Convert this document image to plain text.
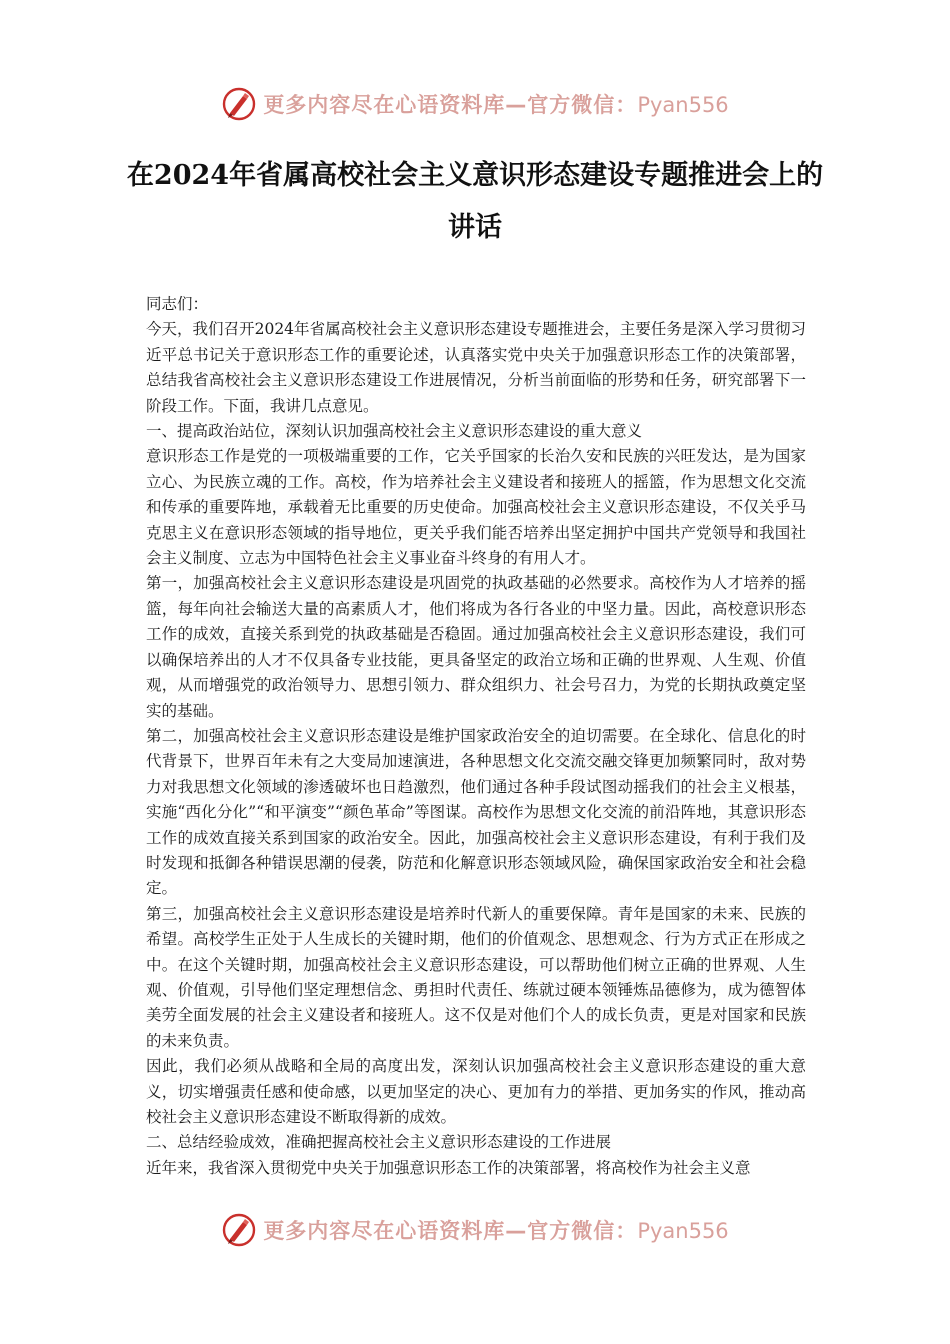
更多内容尽在心语资料库—官方微信：Pyan556
在2024年省属高校社会主义意识形态建设专题推进会上的讲话

同志们：

今天，我们召开2024年省属高校社会主义意识形态建设专题推进会，主要任务是深入学习贯彻习近平总书记关于意识形态工作的重要论述，认真落实党中央关于加强意识形态工作的决策部署，总结我省高校社会主义意识形态建设工作进展情况，分析当前面临的形势和任务，研究部署下一阶段工作。下面，我讲几点意见。

一、提高政治站位，深刻认识加强高校社会主义意识形态建设的重大意义

意识形态工作是党的一项极端重要的工作，它关乎国家的长治久安和民族的兴旺发达，是为国家立心、为民族立魂的工作。高校，作为培养社会主义建设者和接班人的摇篮，作为思想文化交流和传承的重要阵地，承载着无比重要的历史使命。加强高校社会主义意识形态建设，不仅关乎马克思主义在意识形态领域的指导地位，更关乎我们能否培养出坚定拥护中国共产党领导和我国社会主义制度、立志为中国特色社会主义事业奋斗终身的有用人才。

第一，加强高校社会主义意识形态建设是巩固党的执政基础的必然要求。高校作为人才培养的摇篮，每年向社会输送大量的高素质人才，他们将成为各行各业的中坚力量。因此，高校意识形态工作的成效，直接关系到党的执政基础是否稳固。通过加强高校社会主义意识形态建设，我们可以确保培养出的人才不仅具备专业技能，更具备坚定的政治立场和正确的世界观、人生观、价值观，从而增强党的政治领导力、思想引领力、群众组织力、社会号召力，为党的长期执政奠定坚实的基础。

第二，加强高校社会主义意识形态建设是维护国家政治安全的迫切需要。在全球化、信息化的时代背景下，世界百年未有之大变局加速演进，各种思想文化交流交融交锋更加频繁同时，敌对势力对我思想文化领域的渗透破坏也日趋激烈，他们通过各种手段试图动摇我们的社会主义根基，实施“西化分化”“和平演变”“颜色革命”等图谋。高校作为思想文化交流的前沿阵地，其意识形态工作的成效直接关系到国家的政治安全。因此，加强高校社会主义意识形态建设，有利于我们及时发现和抵御各种错误思潮的侵袭，防范和化解意识形态领域风险，确保国家政治安全和社会稳定。

第三，加强高校社会主义意识形态建设是培养时代新人的重要保障。青年是国家的未来、民族的希望。高校学生正处于人生成长的关键时期，他们的价值观念、思想观念、行为方式正在形成之中。在这个关键时期，加强高校社会主义意识形态建设，可以帮助他们树立正确的世界观、人生观、价值观，引导他们坚定理想信念、勇担时代责任、练就过硬本领锤炼品德修为，成为德智体美劳全面发展的社会主义建设者和接班人。这不仅是对他们个人的成长负责，更是对国家和民族的未来负责。

因此，我们必须从战略和全局的高度出发，深刻认识加强高校社会主义意识形态建设的重大意义，切实增强责任感和使命感，以更加坚定的决心、更加有力的举措、更加务实的作风，推动高校社会主义意识形态建设不断取得新的成效。

二、总结经验成效，准确把握高校社会主义意识形态建设的工作进展

近年来，我省深入贯彻党中央关于加强意识形态工作的决策部署，将高校作为社会主义意

更多内容尽在心语资料库—官方微信：Pyan556
